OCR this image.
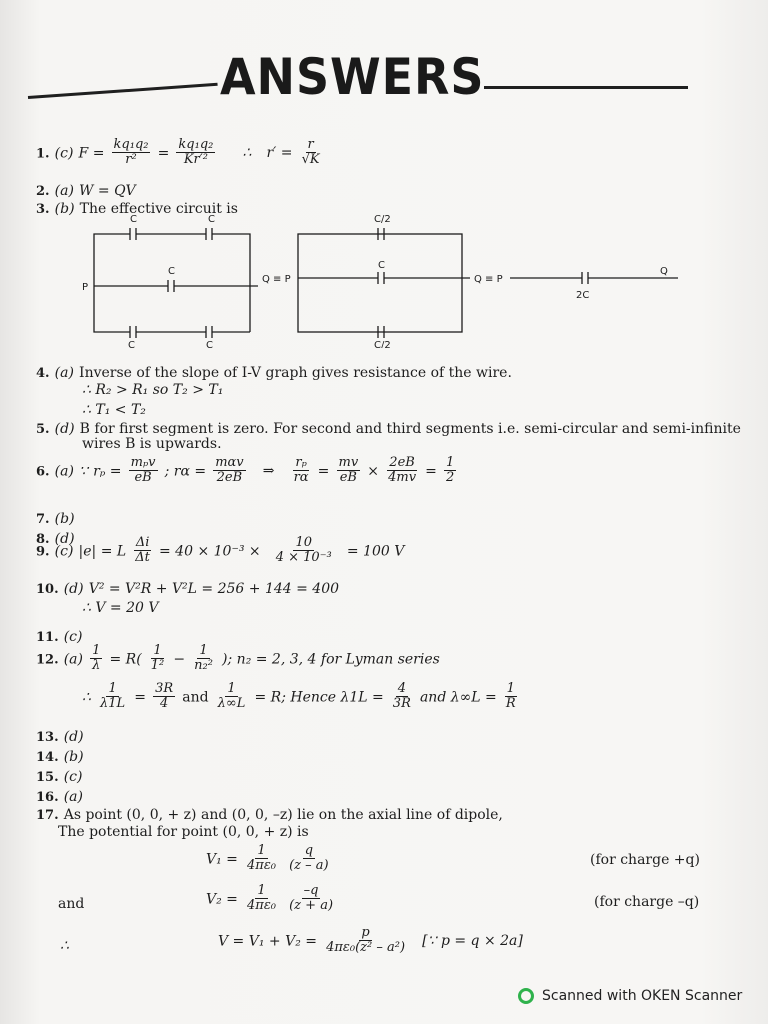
ANSWERS
1. (c) $F = \frac{\text{kq₁q₂}}{\text{r²}} = \frac{\text{kq₁q₂}}{\text{Kr′²}}$ ∴ $r' = \frac{r}{√K}$
2. (a) W = QV
3. (b) The effective circuit is
C	C
C
C	C
P
Q ≡ P
C/2
C
C/2
Q ≡ P
2C
Q
4. (a) Inverse of the slope of I-V graph gives resistance of the wire.
∴ R₂ > R₁ so T₂ > T₁
∴ T₁ < T₂
5. (d) B for first segment is zero. For second and third segments i.e. semi-circular and semi-infinite
wires B is upwards.
6. (a) ∵ $r_p = \frac{\text{mₚv}}{eB}$ ; $r\alpha = \frac{\text{mαv}}{2eB}$ ⇒ $\frac{\text{rₚ}}{r\alpha} = \frac{mv}{eB} \times \frac{2eB}{4mv} = \frac{1}{2}$
7. (b)
8. (d)
9. (c) |e| = L $\frac{\Delta i}{\Delta t} = 40 \times 10^{-3} \times \frac{10}{\text{4 × 10⁻³}} = 100$ V
10. (d) V² = V²R + V²L = 256 + 144 = 400
∴ V = 20 V
11. (c)
12. $(a) \frac{1}{\lambda} = R( \frac{1}{\text{1²}} - \frac{1}{\text{n₂²}}$ ); n₂ = 2, 3, 4 for Lyman series
∴ $\frac{1}{\lambda 1L} = \frac{3R}{4}$ and $\frac{1}{\lambda\infty L} = R$; Hence $\lambda 1L = \frac{4}{3R}$ and $\lambda\infty L = \frac{1}{R}$
13. (d)
14. (b)
15. (c)
16. (a)
17. As point (0, 0, + z) and (0, 0, –z) lie on the axial line of dipole,
The potential for point (0, 0, + z) is
$V_1 = \frac{1}{\text{4πε₀}}$
$\frac{q}{(z - a)}$	(for charge +q)
and	$V_2 = \frac{1}{\text{4πε₀}}$
$\frac{-q}{(z + a)}$	(for charge –q)
∴	$V = V_1 + V_2 = \frac{p}{\text{4πε₀(z² – a²)}}$ [∵ p = q × 2a]
Scanned with OKEN Scanner
